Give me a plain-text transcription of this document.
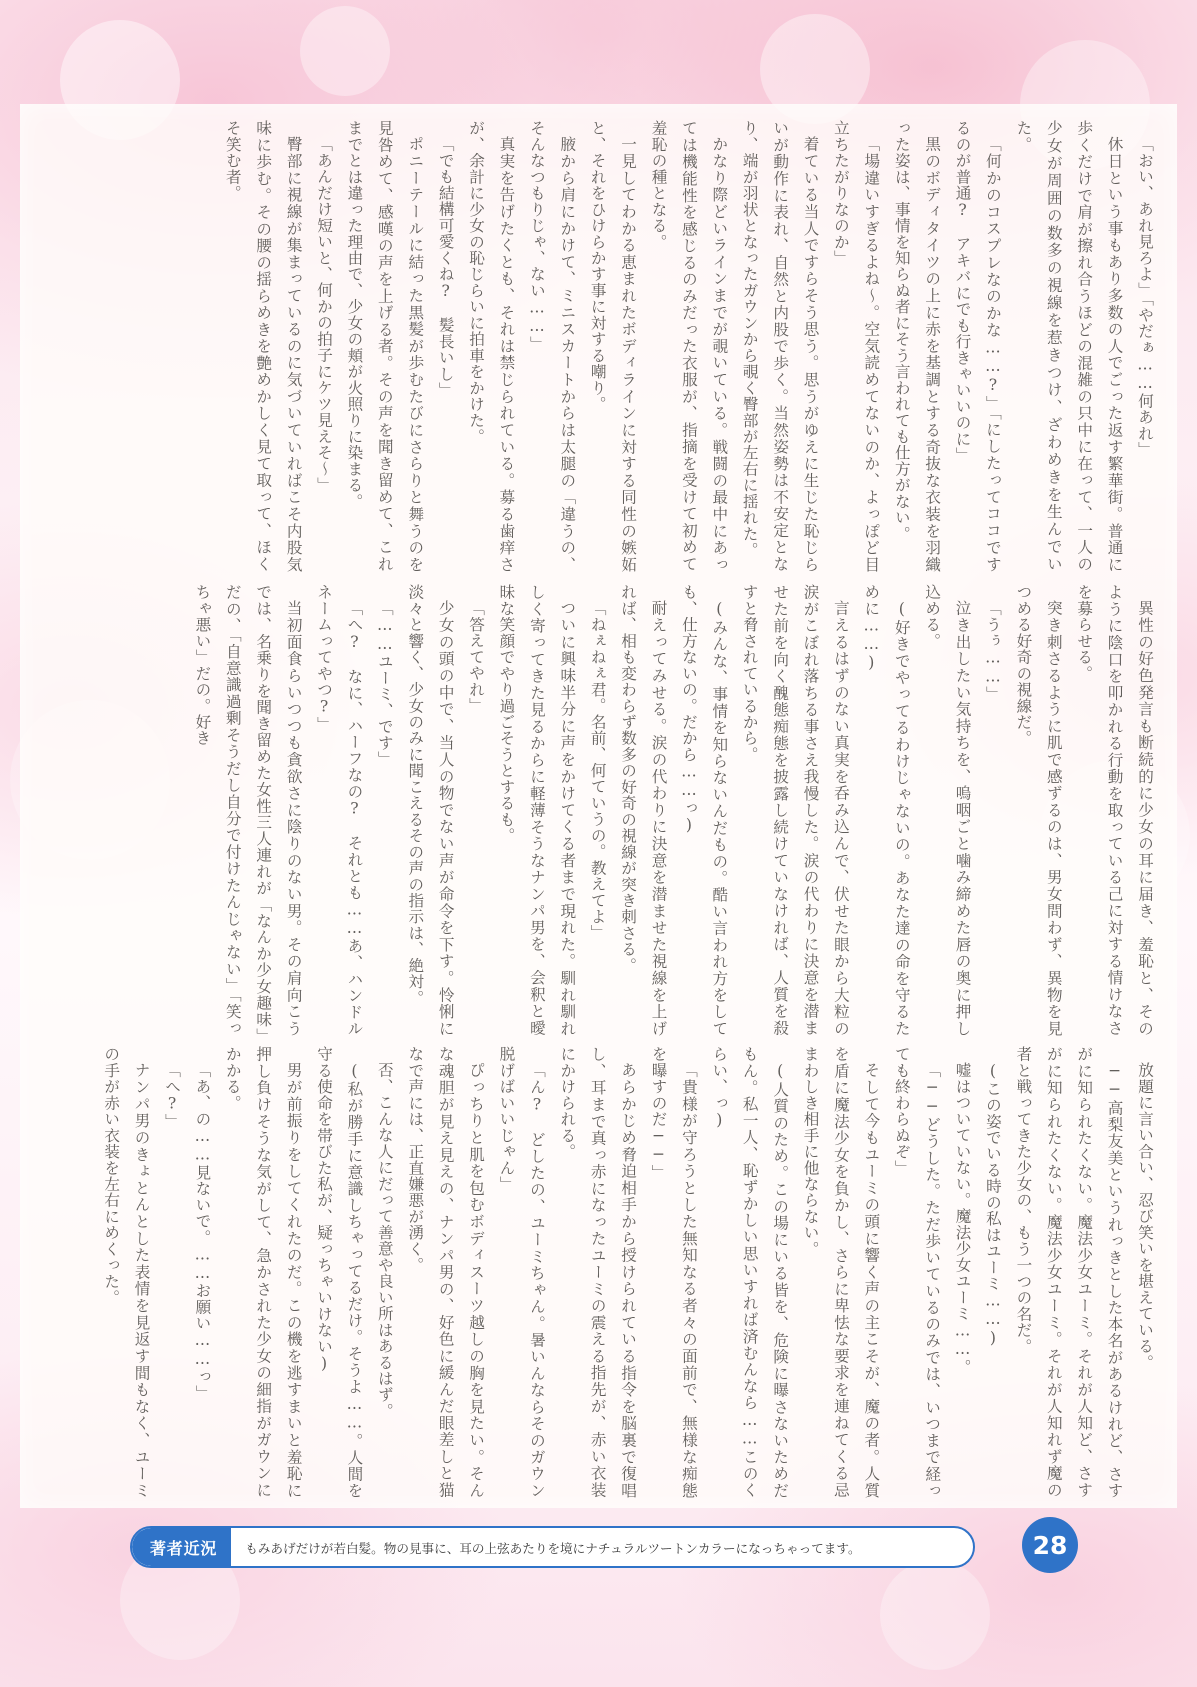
「おい、あれ見ろよ」「やだぁ……何あれ」

休日という事もあり多数の人でごった返す繁華街。普通に歩くだけで肩が擦れ合うほどの混雑の只中に在って、一人の少女が周囲の数多の視線を惹きつけ、ざわめきを生んでいた。

「何かのコスプレなのかな……?」「にしたってココでするのが普通?　アキバにでも行きゃいいのに」

黒のボディタイツの上に赤を基調とする奇抜な衣装を羽織った姿は、事情を知らぬ者にそう言われても仕方がない。

「場違いすぎるよね～。空気読めてないのか、よっぽど目立ちたがりなのか」

着ている当人ですらそう思う。思うがゆえに生じた恥じらいが動作に表れ、自然と内股で歩く。当然姿勢は不安定となり、端が羽状となったガウンから覗く臀部が左右に揺れた。

かなり際どいラインまでが覗いている。戦闘の最中にあっては機能性を感じるのみだった衣服が、指摘を受けて初めて羞恥の種となる。

一見してわかる恵まれたボディラインに対する同性の嫉妬と、それをひけらかす事に対する嘲り。

腋から肩にかけて、ミニスカートからは太腿の「違うの、そんなつもりじゃ、ない……」

真実を告げたくとも、それは禁じられている。募る歯痒さが、余計に少女の恥じらいに拍車をかけた。

「でも結構可愛くね?　髪長いし」

ポニーテールに結った黒髪が歩むたびにさらりと舞うのを見咎めて、感嘆の声を上げる者。その声を聞き留めて、これまでとは違った理由で、少女の頬が火照りに染まる。

「あんだけ短いと、何かの拍子にケツ見えそ～」

臀部に視線が集まっているのに気づいていればこそ内股気味に歩む。その腰の揺らめきを艶めかしく見て取って、ほくそ笑む者。

異性の好色発言も断続的に少女の耳に届き、羞恥と、そのように陰口を叩かれる行動を取っている己に対する情けなさを募らせる。

突き刺さるように肌で感ずるのは、男女問わず、異物を見つめる好奇の視線だ。

「うぅ……」

泣き出したい気持ちを、嗚咽ごと噛み締めた唇の奥に押し込める。

(好きでやってるわけじゃないの。あなた達の命を守るために……)

言えるはずのない真実を呑み込んで、伏せた眼から大粒の涙がこぼれ落ちる事さえ我慢した。涙の代わりに決意を潜ませた前を向く醜態痴態を披露し続けていなければ、人質を殺すと脅されているから。

(みんな、事情を知らないんだもの。酷い言われ方をしても、仕方ないの。だから……っ)

耐えってみせる。涙の代わりに決意を潜ませた視線を上げれば、相も変わらず数多の好奇の視線が突き刺さる。

「ねぇねぇ君。名前、何ていうの。教えてよ」

ついに興味半分に声をかけてくる者まで現れた。馴れ馴れしく寄ってきた見るからに軽薄そうなナンパ男を、会釈と曖昧な笑顔でやり過ごそうとするも。

「答えてやれ」

少女の頭の中で、当人の物でない声が命令を下す。怜悧に淡々と響く、少女のみに聞こえるその声の指示は、絶対。

「……ユーミ、です」

「へ?　なに、ハーフなの?　それとも……あ、ハンドルネームってやつ?」

当初面食らいつつも貪欲さに陰りのない男。その肩向こうでは、名乗りを聞き留めた女性三人連れが「なんか少女趣味」だの、「自意識過剰そうだし自分で付けたんじゃない」「笑っちゃ悪い」だの。好き

放題に言い合い、忍び笑いを堪えている。

──高梨友美というれっきとした本名があるけれど、さすがに知られたくない。魔法少女ユーミ。それが人知ど、さすがに知られたくない。魔法少女ユーミ。それが人知れず魔の者と戦ってきた少女の、もう一つの名だ。

(この姿でいる時の私はユーミ……)

嘘はついていない。魔法少女ユーミ……。

「──どうした。ただ歩いているのみでは、いつまで経っても終わらぬぞ」

そして今もユーミの頭に響く声の主こそが、魔の者。人質を盾に魔法少女を負かし、さらに卑怯な要求を連ねてくる忌まわしき相手に他ならない。

(人質のため。この場にいる皆を、危険に曝さないためだもん。私一人、恥ずかしい思いすれば済むんなら……このくらい、っ)

「貴様が守ろうとした無知なる者々の面前で、無様な痴態を曝すのだ──」

あらかじめ脅迫相手から授けられている指令を脳裏で復唱し、耳まで真っ赤になったユーミの震える指先が、赤い衣装にかけられる。

「ん?　どしたの、ユーミちゃん。暑いんならそのガウン脱げばいいじゃん」

ぴっちりと肌を包むボディスーツ越しの胸を見たい。そんな魂胆が見え見えの、ナンパ男の、好色に緩んだ眼差しと猫なで声には、正直嫌悪が湧く。

否、こんな人にだって善意や良い所はあるはず。

(私が勝手に意識しちゃってるだけ。そうよ……。人間を守る使命を帯びた私が、疑っちゃいけない)

男が前振りをしてくれたのだ。この機を逃すまいと羞恥に押し負けそうな気がして、急かされた少女の細指がガウンにかかる。

「あ、の……見ないで。……お願い……っ」

「へ?」

ナンパ男のきょとんとした表情を見返す間もなく、ユーミの手が赤い衣装を左右にめくった。

著者近況	もみあげだけが若白髪。物の見事に、耳の上弦あたりを境にナチュラルツートンカラーになっちゃってます。	28
